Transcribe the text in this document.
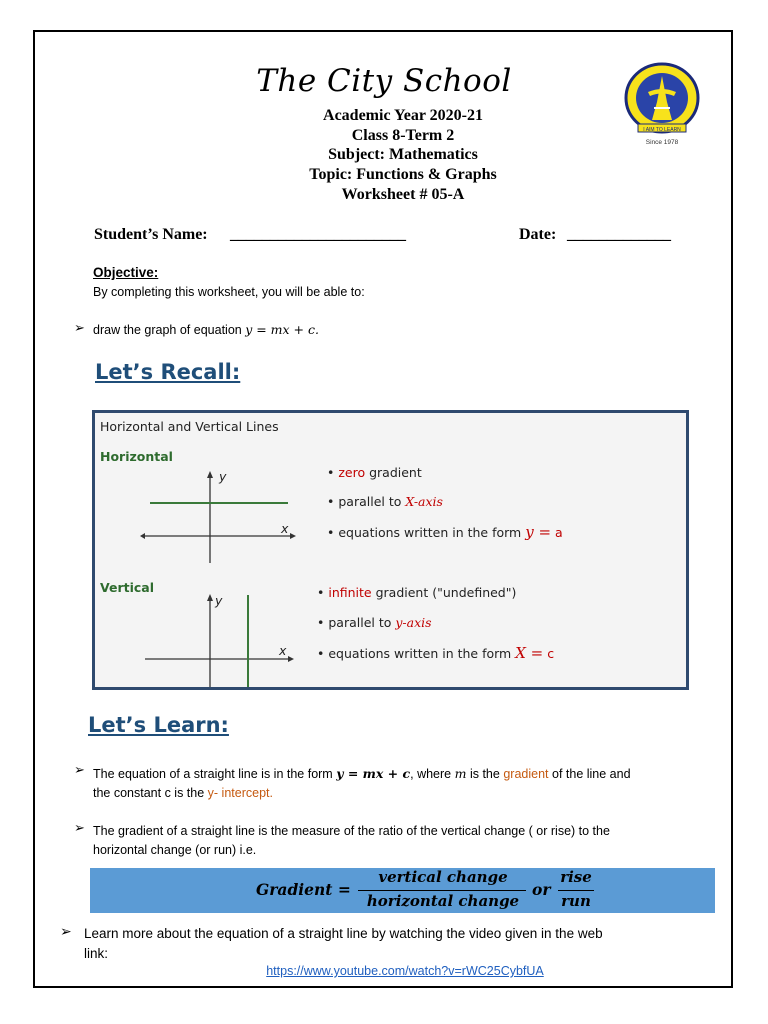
The City School
I AIM TO LEARN
Since 1978
Academic Year 2020-21
Class 8-Term 2
Subject: Mathematics
Topic: Functions & Graphs
Worksheet # 05-A
Student’s Name: ______________________	Date: _____________
Objective:
By completing this worksheet, you will be able to:
➢ draw the graph of equation y = mx + c.
Let’s Recall:
Horizontal and Vertical Lines
Horizontal
Vertical
y
x
y
x
• zero gradient
• parallel to X-axis
• equations written in the form y = a
• infinite gradient ("undefined")
• parallel to y-axis
• equations written in the form X = c
Let’s Learn:
➢ The equation of a straight line is in the form y = mx + c, where m is the gradient of the line and
the constant c is the y- intercept.
➢ The gradient of a straight line is the measure of the ratio of the vertical change ( or rise) to the
horizontal change (or run) i.e.
Gradient =
vertical change
horizontal change
or
rise
run
➢ Learn more about the equation of a straight line by watching the video given in the web
link:
https://www.youtube.com/watch?v=rWC25CybfUA
